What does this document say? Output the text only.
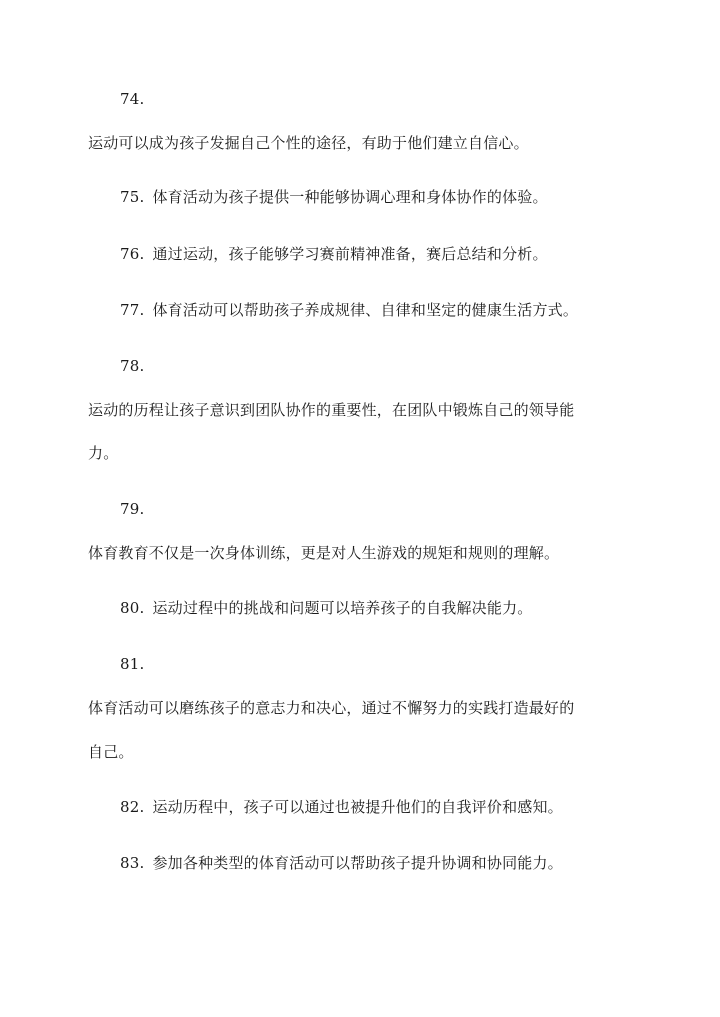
74.
运动可以成为孩子发掘自己个性的途径，有助于他们建立自信心。
75. 体育活动为孩子提供一种能够协调心理和身体协作的体验。
76. 通过运动，孩子能够学习赛前精神准备，赛后总结和分析。
77. 体育活动可以帮助孩子养成规律、自律和坚定的健康生活方式。
78.
运动的历程让孩子意识到团队协作的重要性，在团队中锻炼自己的领导能
力。
79.
体育教育不仅是一次身体训练，更是对人生游戏的规矩和规则的理解。
80. 运动过程中的挑战和问题可以培养孩子的自我解决能力。
81.
体育活动可以磨练孩子的意志力和决心，通过不懈努力的实践打造最好的
自己。
82. 运动历程中，孩子可以通过也被提升他们的自我评价和感知。
83. 参加各种类型的体育活动可以帮助孩子提升协调和协同能力。
